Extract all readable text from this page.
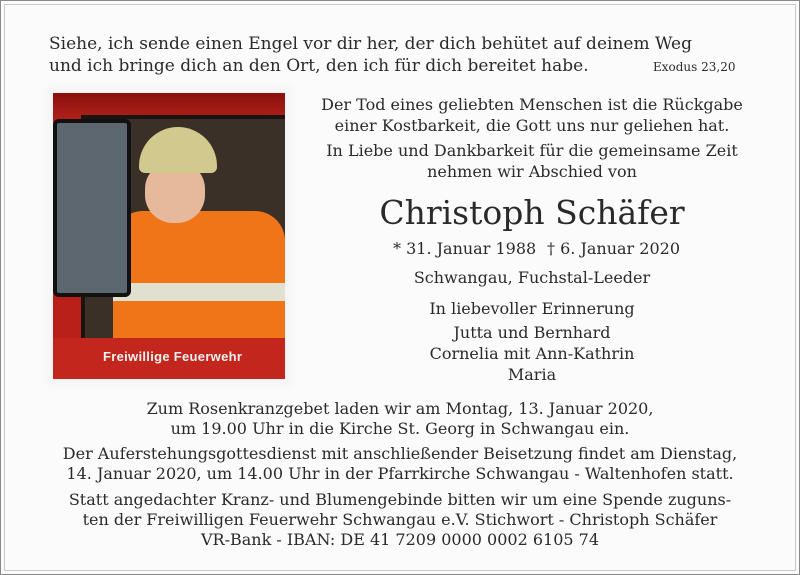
Siehe, ich sende einen Engel vor dir her, der dich behütet auf deinem Weg
und ich bringe dich an den Ort, den ich für dich bereitet habe.	Exodus 23,20
Freiwillige Feuerwehr
Der Tod eines geliebten Menschen ist die Rückgabe
einer Kostbarkeit, die Gott uns nur geliehen hat.
In Liebe und Dankbarkeit für die gemeinsame Zeit
nehmen wir Abschied von
Christoph Schäfer
* 31. Januar 1988 † 6. Januar 2020
Schwangau, Fuchstal-Leeder
In liebevoller Erinnerung
Jutta und Bernhard
Cornelia mit Ann-Kathrin
Maria
Zum Rosenkranzgebet laden wir am Montag, 13. Januar 2020,
um 19.00 Uhr in die Kirche St. Georg in Schwangau ein.
Der Auferstehungsgottesdienst mit anschließender Beisetzung findet am Dienstag,
14. Januar 2020, um 14.00 Uhr in der Pfarrkirche Schwangau - Waltenhofen statt.
Statt angedachter Kranz- und Blumengebinde bitten wir um eine Spende zuguns-
ten der Freiwilligen Feuerwehr Schwangau e.V. Stichwort - Christoph Schäfer
VR-Bank - IBAN: DE 41 7209 0000 0002 6105 74
